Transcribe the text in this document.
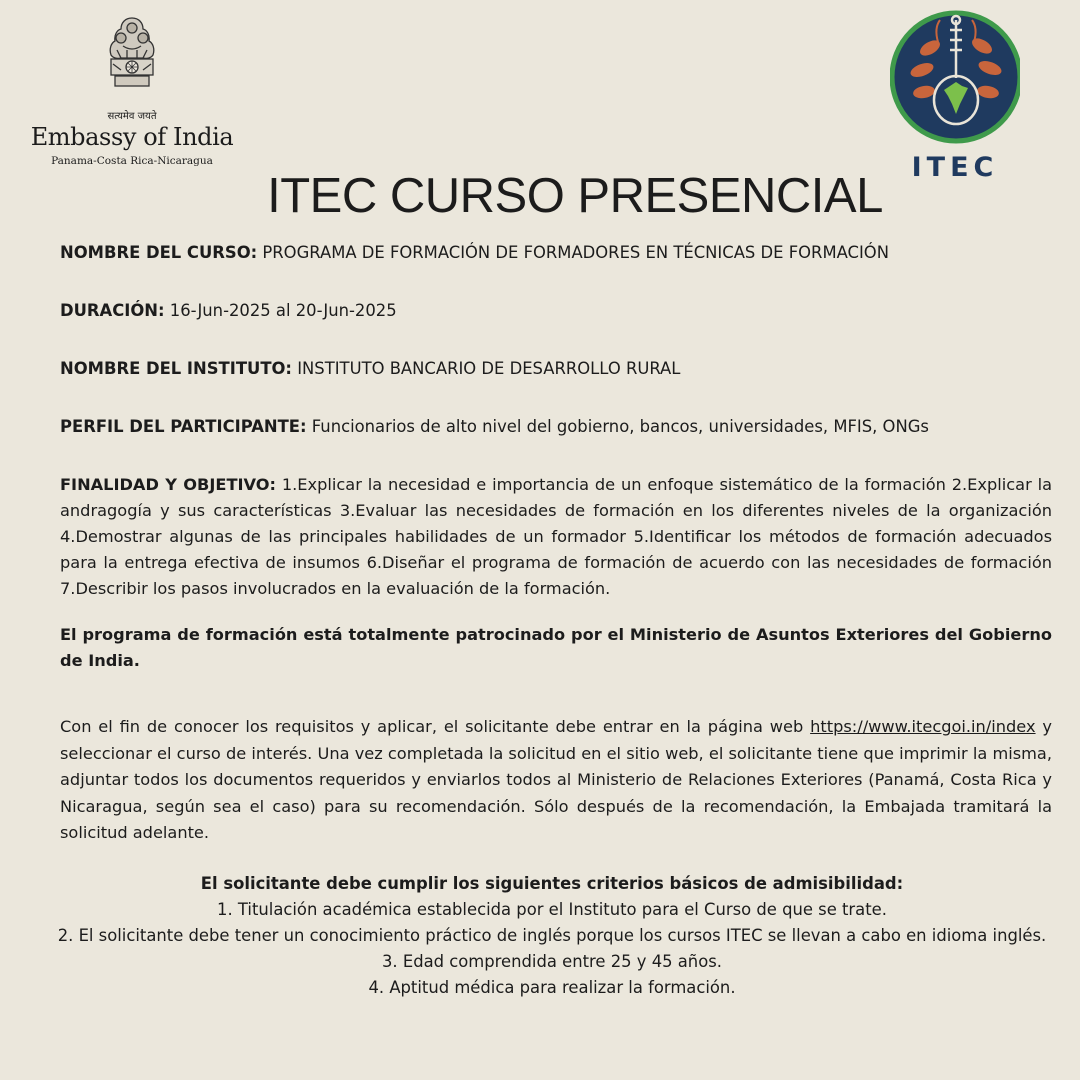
सत्यमेव जयते
Embassy of India
Panama-Costa Rica-Nicaragua	ITEC
ITEC CURSO PRESENCIAL
NOMBRE DEL CURSO: PROGRAMA DE FORMACIÓN DE FORMADORES EN TÉCNICAS DE FORMACIÓN
DURACIÓN: 16-Jun-2025 al 20-Jun-2025
NOMBRE DEL INSTITUTO: INSTITUTO BANCARIO DE DESARROLLO RURAL
PERFIL DEL PARTICIPANTE: Funcionarios de alto nivel del gobierno, bancos, universidades, MFIS, ONGs
FINALIDAD Y OBJETIVO: 1.Explicar la necesidad e importancia de un enfoque sistemático de la formación 2.Explicar la andragogía y sus características 3.Evaluar las necesidades de formación en los diferentes niveles de la organización 4.Demostrar algunas de las principales habilidades de un formador 5.Identificar los métodos de formación adecuados para la entrega efectiva de insumos 6.Diseñar el programa de formación de acuerdo con las necesidades de formación 7.Describir los pasos involucrados en la evaluación de la formación.
El programa de formación está totalmente patrocinado por el Ministerio de Asuntos Exteriores del Gobierno de India.
Con el fin de conocer los requisitos y aplicar, el solicitante debe entrar en la página web https://www.itecgoi.in/index y seleccionar el curso de interés. Una vez completada la solicitud en el sitio web, el solicitante tiene que imprimir la misma, adjuntar todos los documentos requeridos y enviarlos todos al Ministerio de Relaciones Exteriores (Panamá, Costa Rica y Nicaragua, según sea el caso) para su recomendación. Sólo después de la recomendación, la Embajada tramitará la solicitud adelante.
El solicitante debe cumplir los siguientes criterios básicos de admisibilidad:
1. Titulación académica establecida por el Instituto para el Curso de que se trate.
2. El solicitante debe tener un conocimiento práctico de inglés porque los cursos ITEC se llevan a cabo en idioma inglés.
3. Edad comprendida entre 25 y 45 años.
4. Aptitud médica para realizar la formación.
